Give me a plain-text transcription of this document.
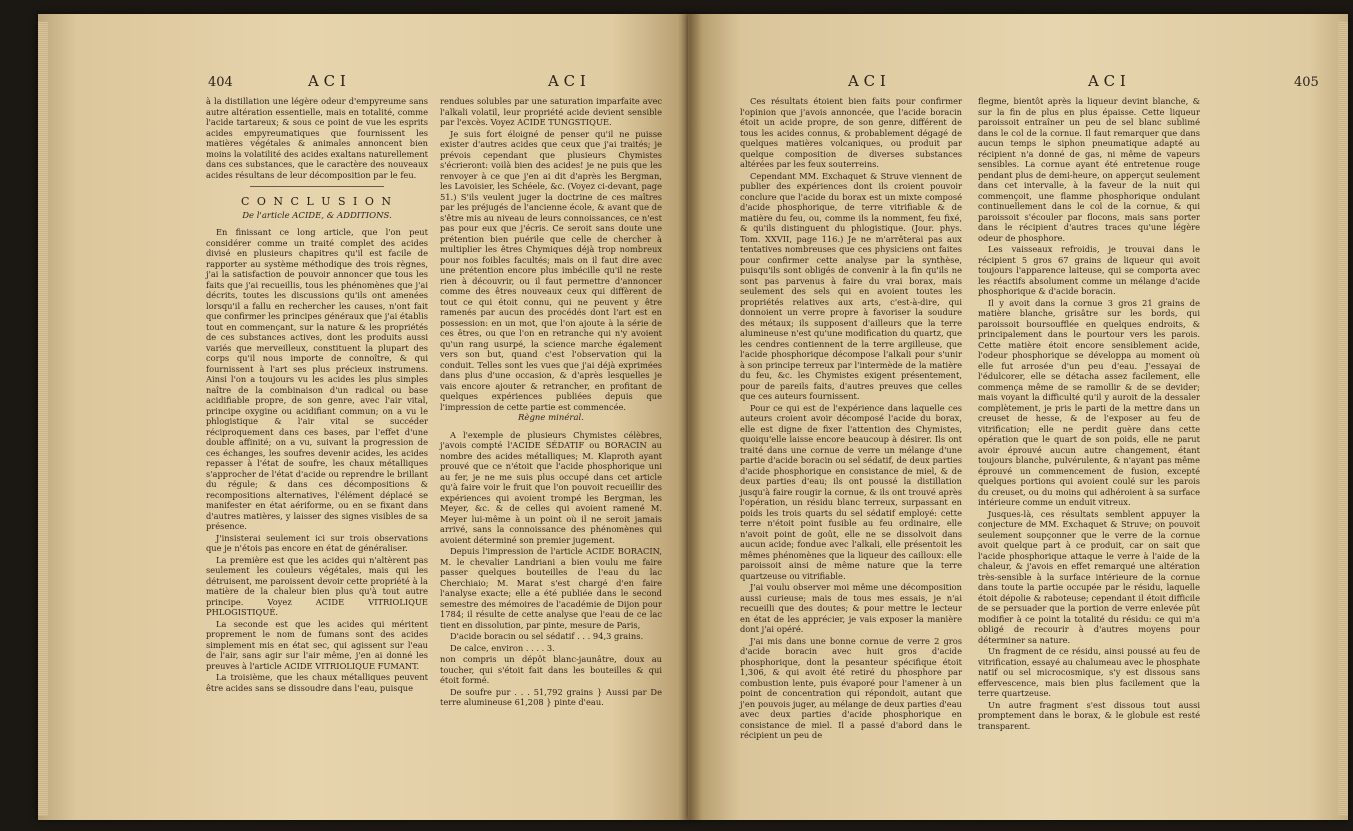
404	A C I	A C I

à la distillation une légère odeur d'empyreume sans autre altération essentielle, mais en totalité, comme l'acide tartareux; & sous ce point de vue les esprits acides empyreumatiques que fournissent les matières végétales & animales annoncent bien moins la volatilité des acides exaltans naturellement dans ces substances, que le caractère des nouveaux acides résultans de leur décomposition par le feu.

C O N C L U S I O N
De l'article ACIDE, & ADDITIONS.

En finissant ce long article, que l'on peut considérer comme un traité complet des acides divisé en plusieurs chapitres qu'il est facile de rapporter au système méthodique des trois règnes, j'ai la satisfaction de pouvoir annoncer que tous les faits que j'ai recueillis, tous les phénomènes que j'ai décrits, toutes les discussions qu'ils ont amenées lorsqu'il a fallu en rechercher les causes, n'ont fait que confirmer les principes généraux que j'ai établis tout en commençant, sur la nature & les propriétés de ces substances actives, dont les produits aussi variés que merveilleux, constituent la plupart des corps qu'il nous importe de connoître, & qui fournissent à l'art ses plus précieux instrumens. Ainsi l'on a toujours vu les acides les plus simples naître de la combinaison d'un radical ou base acidifiable propre, de son genre, avec l'air vital, principe oxygine ou acidifiant commun; on a vu le phlogistique & l'air vital se succéder réciproquement dans ces bases, par l'effet d'une double affinité; on a vu, suivant la progression de ces échanges, les soufres devenir acides, les acides repasser à l'état de soufre, les chaux métalliques s'approcher de l'état d'acide ou reprendre le brillant du régule; & dans ces décompositions & recompositions alternatives, l'élément déplacé se manifester en état aériforme, ou en se fixant dans d'autres matières, y laisser des signes visibles de sa présence.

J'insisterai seulement ici sur trois observations que je n'étois pas encore en état de généraliser.

La première est que les acides qui n'altèrent pas seulement les couleurs végétales, mais qui les détruisent, me paroissent devoir cette propriété à la matière de la chaleur bien plus qu'à tout autre principe. Voyez ACIDE VITRIOLIQUE PHLOGISTIQUÉ.

La seconde est que les acides qui méritent proprement le nom de fumans sont des acides simplement mis en état sec, qui agissent sur l'eau de l'air, sans agir sur l'air même, j'en ai donné les preuves à l'article ACIDE VITRIOLIQUE FUMANT.

La troisième, que les chaux métalliques peuvent être acides sans se dissoudre dans l'eau, puisque

rendues solubles par une saturation imparfaite avec l'alkali volatil, leur propriété acide devient sensible par l'excès. Voyez ACIDE TUNGSTIQUE.

Je suis fort éloigné de penser qu'il ne puisse exister d'autres acides que ceux que j'ai traités; je prévois cependant que plusieurs Chymistes s'écrieront: voilà bien des acides! je ne puis que les renvoyer à ce que j'en ai dit d'après les Bergman, les Lavoisier, les Schéele, &c. (Voyez ci-devant, page 51.) S'ils veulent juger la doctrine de ces maîtres par les préjugés de l'ancienne école, & avant que de s'être mis au niveau de leurs connoissances, ce n'est pas pour eux que j'écris. Ce seroit sans doute une prétention bien puérile que celle de chercher à multiplier les êtres Chymiques déjà trop nombreux pour nos foibles facultés; mais on il faut dire avec une prétention encore plus imbécille qu'il ne reste rien à découvrir, ou il faut permettre d'annoncer comme des êtres nouveaux ceux qui diffèrent de tout ce qui étoit connu, qui ne peuvent y être ramenés par aucun des procédés dont l'art est en possession: en un mot, que l'on ajoute à la série de ces êtres, ou que l'on en retranche qui n'y avoient qu'un rang usurpé, la science marche également vers son but, quand c'est l'observation qui la conduit. Telles sont les vues que j'ai déjà exprimées dans plus d'une occasion, & d'après lesquelles je vais encore ajouter & retrancher, en profitant de quelques expériences publiées depuis que l'impression de cette partie est commencée.

Règne minéral.

A l'exemple de plusieurs Chymistes célèbres, j'avois compté l'ACIDE SÉDATIF ou BORACIN au nombre des acides métalliques; M. Klaproth ayant prouvé que ce n'étoit que l'acide phosphorique uni au fer, je ne me suis plus occupé dans cet article qu'à faire voir le fruit que l'on pouvoit recueillir des expériences qui avoient trompé les Bergman, les Meyer, &c. & de celles qui avoient ramené M. Meyer lui-même à un point où il ne seroit jamais arrivé, sans la connoissance des phénomènes qui avoient déterminé son premier jugement.

Depuis l'impression de l'article ACIDE BORACIN, M. le chevalier Landriani a bien voulu me faire passer quelques bouteilles de l'eau du lac Cherchiaio; M. Marat s'est chargé d'en faire l'analyse exacte; elle a été publiée dans le second semestre des mémoires de l'académie de Dijon pour 1784; il résulte de cette analyse que l'eau de ce lac tient en dissolution, par pinte, mesure de Paris,

D'acide boracin ou sel sédatif . . . 94,3 grains.

De calce, environ . . . . 3.

non compris un dépôt blanc-jaunâtre, doux au toucher, qui s'étoit fait dans les bouteilles & qui étoit formé.

De soufre pur . . . 51,792 grains } Aussi par De terre alumineuse 61,208 } pinte d'eau.

A C I	A C I	405

Ces résultats étoient bien faits pour confirmer l'opinion que j'avois annoncée, que l'acide boracin étoit un acide propre, de son genre, différent de tous les acides connus, & probablement dégagé de quelques matières volcaniques, ou produit par quelque composition de diverses substances altérées par les feux souterreins.

Cependant MM. Exchaquet & Struve viennent de publier des expériences dont ils croient pouvoir conclure que l'acide du borax est un mixte composé d'acide phosphorique, de terre vitrifiable & de matière du feu, ou, comme ils la nomment, feu fixé, & qu'ils distinguent du phlogistique. (Jour. phys. Tom. XXVII, page 116.) Je ne m'arrêterai pas aux tentatives nombreuses que ces physiciens ont faites pour confirmer cette analyse par la synthèse, puisqu'ils sont obligés de convenir à la fin qu'ils ne sont pas parvenus à faire du vrai borax, mais seulement des sels qui en avoient toutes les propriétés relatives aux arts, c'est-à-dire, qui donnoient un verre propre à favoriser la soudure des métaux; ils supposent d'ailleurs que la terre alumineuse n'est qu'une modification du quartz, que les cendres contiennent de la terre argilleuse, que l'acide phosphorique décompose l'alkali pour s'unir à son principe terreux par l'intermède de la matière du feu, &c. les Chymistes exigent présentement, pour de pareils faits, d'autres preuves que celles que ces auteurs fournissent.

Pour ce qui est de l'expérience dans laquelle ces auteurs croient avoir décomposé l'acide du borax, elle est digne de fixer l'attention des Chymistes, quoiqu'elle laisse encore beaucoup à désirer. Ils ont traité dans une cornue de verre un mélange d'une partie d'acide boracin ou sel sédatif, de deux parties d'acide phosphorique en consistance de miel, & de deux parties d'eau; ils ont poussé la distillation jusqu'à faire rougir la cornue, & ils ont trouvé après l'opération, un résidu blanc terreux, surpassant en poids les trois quarts du sel sédatif employé: cette terre n'étoit point fusible au feu ordinaire, elle n'avoit point de goût, elle ne se dissolvoit dans aucun acide; fondue avec l'alkali, elle présentoit les mêmes phénomènes que la liqueur des cailloux: elle paroissoit ainsi de même nature que la terre quartzeuse ou vitrifiable.

J'ai voulu observer moi même une décomposition aussi curieuse; mais de tous mes essais, je n'ai recueilli que des doutes; & pour mettre le lecteur en état de les apprécier, je vais exposer la manière dont j'ai opéré.

J'ai mis dans une bonne cornue de verre 2 gros d'acide boracin avec huit gros d'acide phosphorique, dont la pesanteur spécifique étoit 1,306, & qui avoit été retiré du phosphore par combustion lente, puis évaporé pour l'amener à un point de concentration qui répondoit, autant que j'en pouvois juger, au mélange de deux parties d'eau avec deux parties d'acide phosphorique en consistance de miel. Il a passé d'abord dans le récipient un peu de

flegme, bientôt après la liqueur devint blanche, & sur la fin de plus en plus épaisse. Cette liqueur paroissoit entraîner un peu de sel blanc sublimé dans le col de la cornue. Il faut remarquer que dans aucun temps le siphon pneumatique adapté au récipient n'a donné de gas, ni même de vapeurs sensibles. La cornue ayant été entretenue rouge pendant plus de demi-heure, on apperçut seulement dans cet intervalle, à la faveur de la nuit qui commençoit, une flamme phosphorique ondulant continuellement dans le col de la cornue, & qui paroissoit s'écouler par flocons, mais sans porter dans le récipient d'autres traces qu'une légère odeur de phosphore.

Les vaisseaux refroidis, je trouvai dans le récipient 5 gros 67 grains de liqueur qui avoit toujours l'apparence laiteuse, qui se comporta avec les réactifs absolument comme un mélange d'acide phosphorique & d'acide boracin.

Il y avoit dans la cornue 3 gros 21 grains de matière blanche, grisâtre sur les bords, qui paroissoit boursoufflée en quelques endroits, & principalement dans le pourtour vers les parois. Cette matière étoit encore sensiblement acide, l'odeur phosphorique se développa au moment où elle fut arrosée d'un peu d'eau. J'essayai de l'édulcorer, elle se détacha assez facilement, elle commença même de se ramollir & de se devider; mais voyant la difficulté qu'il y auroit de la dessaler complètement, je pris le parti de la mettre dans un creuset de hesse, & de l'exposer au feu de vitrification; elle ne perdit guère dans cette opération que le quart de son poids, elle ne parut avoir éprouvé aucun autre changement, étant toujours blanche, pulvérulente, & n'ayant pas même éprouvé un commencement de fusion, excepté quelques portions qui avoient coulé sur les parois du creuset, ou du moins qui adhéroient à sa surface intérieure comme un enduit vitreux.

Jusques-là, ces résultats semblent appuyer la conjecture de MM. Exchaquet & Struve; on pouvoit seulement soupçonner que le verre de la cornue avoit quelque part à ce produit, car on sait que l'acide phosphorique attaque le verre à l'aide de la chaleur, & j'avois en effet remarqué une altération très-sensible à la surface intérieure de la cornue dans toute la partie occupée par le résidu, laquelle étoit dépolie & raboteuse; cependant il étoit difficile de se persuader que la portion de verre enlevée pût modifier à ce point la totalité du résidu: ce qui m'a obligé de recourir à d'autres moyens pour déterminer sa nature.

Un fragment de ce résidu, ainsi poussé au feu de vitrification, essayé au chalumeau avec le phosphate natif ou sel microcosmique, s'y est dissous sans effervescence, mais bien plus facilement que la terre quartzeuse.

Un autre fragment s'est dissous tout aussi promptement dans le borax, & le globule est resté transparent.
